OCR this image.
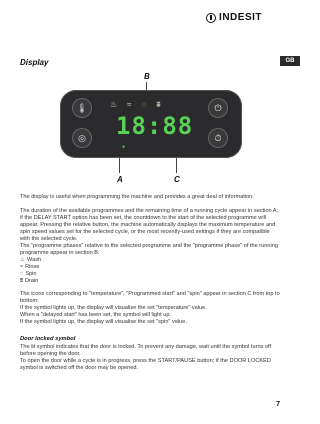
INDESIT
GB
Display
B
🌡
◎
♨ ≈ ◌ ⩩
18:88
●
⏻
⏱
A	C

The display is useful when programming the machine and provides a great deal of information.

The duration of the available programmes and the remaining time of a running cycle appear in section A; if the DELAY START option has been set, the countdown to the start of the selected programme will appear. Pressing the relative button, the machine automatically displays the maximum temperature and spin speed values set for the selected cycle, or the most recently-used settings if they are compatible with the selected cycle.

The "programme phases" relative to the selected programme and the "programme phase" of the running programme appear in section B:

♨ Wash
≈ Rinse
◌ Spin
⩩ Drain

The icons corresponding to "temperature", "Programmed start" and "spin" appear in section C from top to bottom:

If the symbol lights up, the display will visualise the set "temperature" value.

When a "delayed start" has been set, the symbol will light up.

If the symbol lights up, the display will visualise the set "spin" value.

Door locked symbol

The lit symbol indicates that the door is locked. To prevent any damage, wait until the symbol turns off before opening the door.

To open the door while a cycle is in progress, press the START/PAUSE button; if the DOOR LOCKED symbol is switched off the door may be opened.

7
